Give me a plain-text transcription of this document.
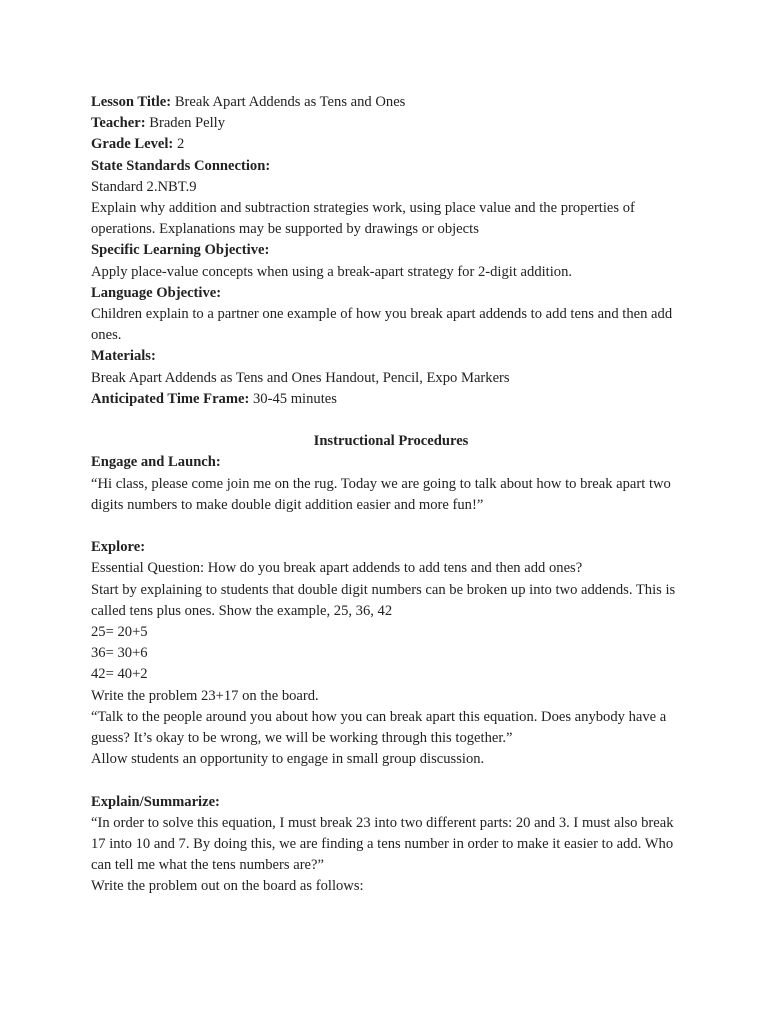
Lesson Title: Break Apart Addends as Tens and Ones
Teacher: Braden Pelly
Grade Level: 2
State Standards Connection:
Standard 2.NBT.9
Explain why addition and subtraction strategies work, using place value and the properties of operations. Explanations may be supported by drawings or objects
Specific Learning Objective:
Apply place-value concepts when using a break-apart strategy for 2-digit addition.
Language Objective:
Children explain to a partner one example of how you break apart addends to add tens and then add ones.
Materials:
Break Apart Addends as Tens and Ones Handout, Pencil, Expo Markers
Anticipated Time Frame: 30-45 minutes
Instructional Procedures
Engage and Launch:
“Hi class, please come join me on the rug. Today we are going to talk about how to break apart two digits numbers to make double digit addition easier and more fun!”
Explore:
Essential Question: How do you break apart addends to add tens and then add ones?
Start by explaining to students that double digit numbers can be broken up into two addends. This is called tens plus ones. Show the example, 25, 36, 42
25= 20+5
36= 30+6
42= 40+2
Write the problem 23+17 on the board.
“Talk to the people around you about how you can break apart this equation. Does anybody have a guess? It’s okay to be wrong, we will be working through this together.”
Allow students an opportunity to engage in small group discussion.
Explain/Summarize:
“In order to solve this equation, I must break 23 into two different parts: 20 and 3. I must also break 17 into 10 and 7. By doing this, we are finding a tens number in order to make it easier to add. Who can tell me what the tens numbers are?”
Write the problem out on the board as follows:
